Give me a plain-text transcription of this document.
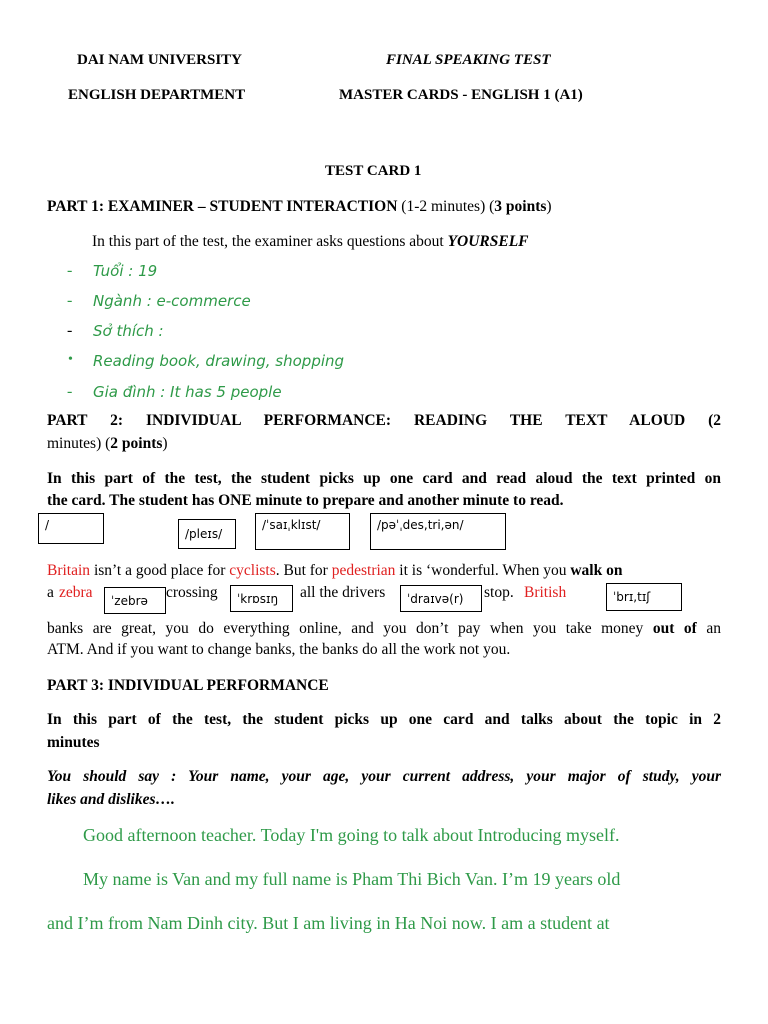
DAI NAM UNIVERSITY	FINAL SPEAKING TEST
ENGLISH DEPARTMENT	MASTER CARDS - ENGLISH 1 (A1)
TEST CARD 1
PART 1: EXAMINER – STUDENT INTERACTION (1-2 minutes) (3 points)
In this part of the test, the examiner asks questions about YOURSELF
- Tuổi : 19
- Ngành : e-commerce
- Sở thích :
• Reading book, drawing, shopping
- Gia đình : It has 5 people
PART 2: INDIVIDUAL PERFORMANCE: READING THE TEXT ALOUD (2
minutes) (2 points)
In this part of the test, the student picks up one card and read aloud the text printed on
the card. The student has ONE minute to prepare and another minute to read.
/
/pleɪs/
/ˈsaɪˌklɪst/	/pəˈˌdes,tri,ən/
Britain isn’t a good place for cyclists. But for pedestrian it is ‘wonderful. When you walk on
a zebra	crossing	all the drivers	stop. British
ˈzebrə	ˈkrɒsɪŋ	ˈdraɪvə(r)	ˈbrɪ,tɪʃ
banks are great, you do everything online, and you don’t pay when you take money out of an
ATM. And if you want to change banks, the banks do all the work not you.
PART 3: INDIVIDUAL PERFORMANCE
In this part of the test, the student picks up one card and talks about the topic in 2
minutes
You should say : Your name, your age, your current address, your major of study, your
likes and dislikes….
Good afternoon teacher. Today I'm going to talk about Introducing myself.
My name is Van and my full name is Pham Thi Bich Van. I’m 19 years old
and I’m from Nam Dinh city. But I am living in Ha Noi now. I am a student at
